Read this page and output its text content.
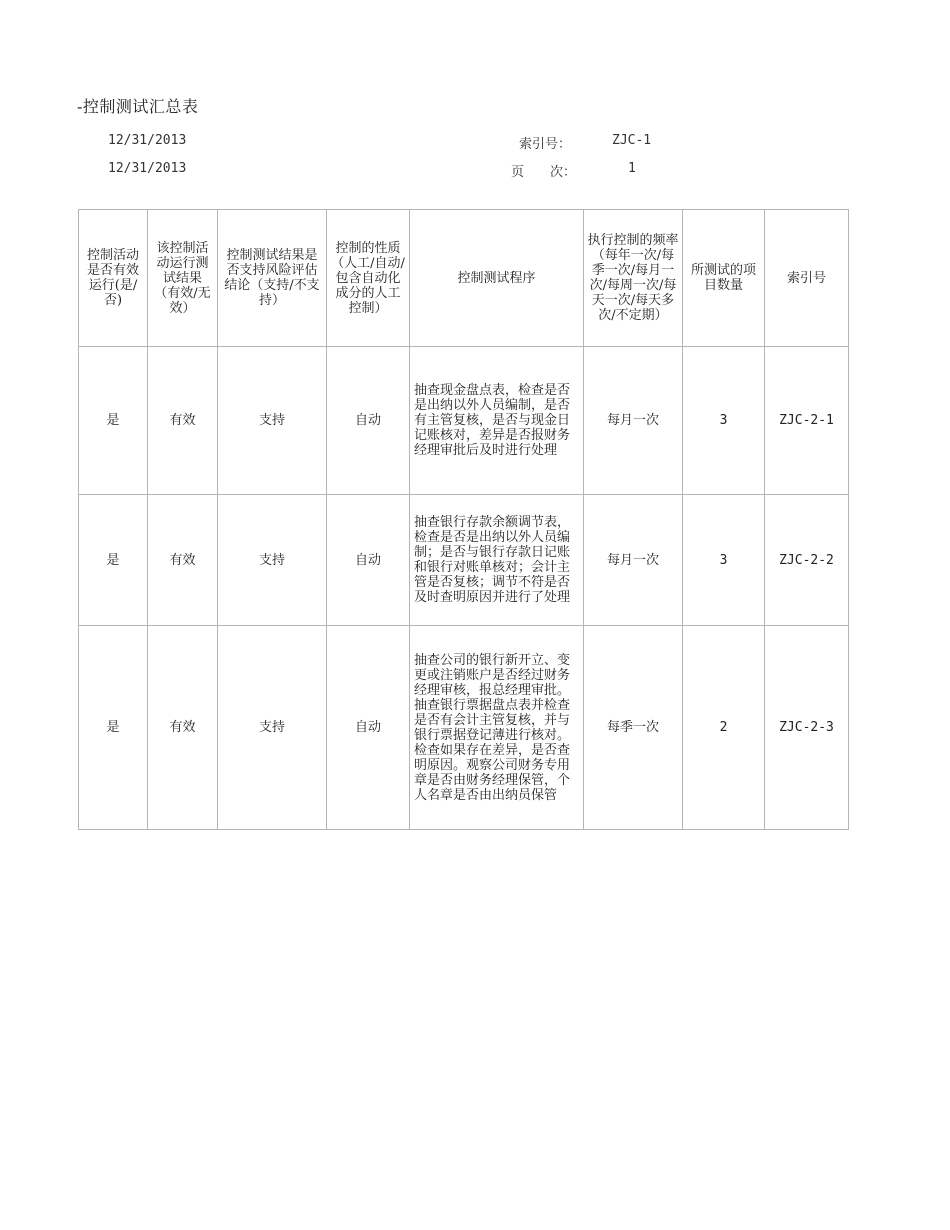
-控制测试汇总表
12/31/2013
12/31/2013
索引号：	ZJC-1
页　　次：	1
控制活动是否有效运行(是/否)	该控制活动运行测试结果（有效/无效）	控制测试结果是否支持风险评估结论（支持/不支持）	控制的性质（人工/自动/包含自动化成分的人工控制）	控制测试程序	执行控制的频率（每年一次/每季一次/每月一次/每周一次/每天一次/每天多次/不定期）	所测试的项目数量	索引号
是	有效	支持	自动	抽查现金盘点表，检查是否是出纳以外人员编制，是否有主管复核，是否与现金日记账核对，差异是否报财务经理审批后及时进行处理	每月一次	3	ZJC-2-1
是	有效	支持	自动	抽查银行存款余额调节表，检查是否是出纳以外人员编制；是否与银行存款日记账和银行对账单核对；会计主管是否复核；调节不符是否及时查明原因并进行了处理	每月一次	3	ZJC-2-2
是	有效	支持	自动	抽查公司的银行新开立、变更或注销账户是否经过财务经理审核，报总经理审批。抽查银行票据盘点表并检查是否有会计主管复核，并与银行票据登记薄进行核对。检查如果存在差异，是否查明原因。观察公司财务专用章是否由财务经理保管，个人名章是否由出纳员保管	每季一次	2	ZJC-2-3
